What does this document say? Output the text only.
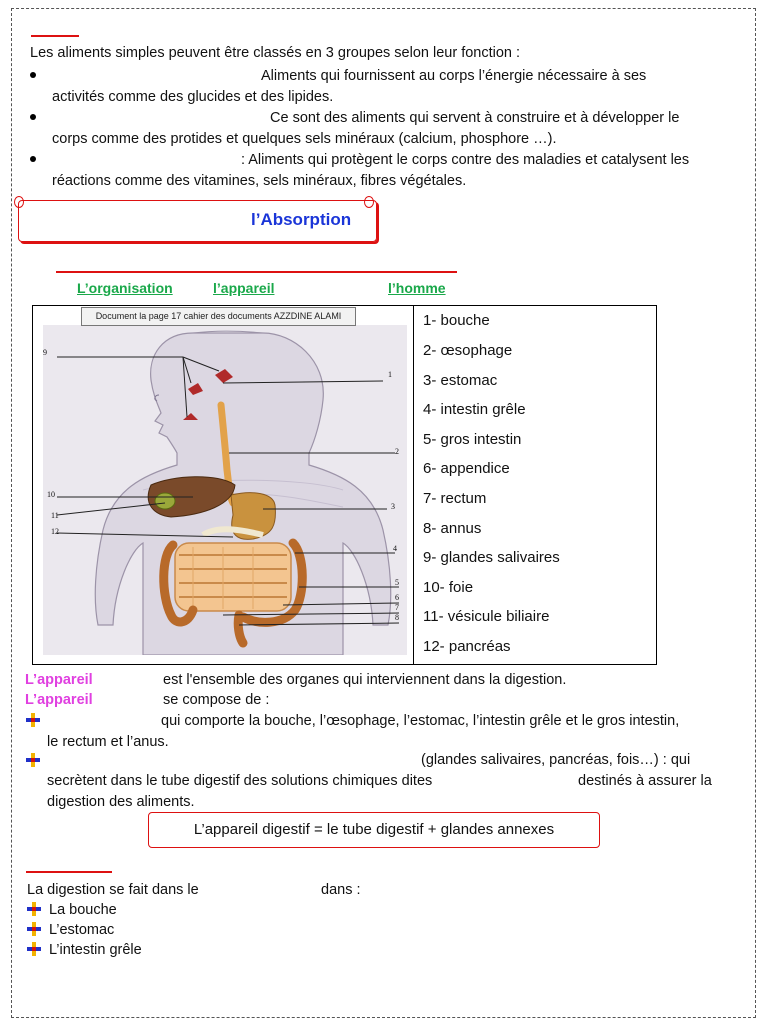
Les aliments simples peuvent être classés en 3 groupes selon leur fonction :
Aliments qui fournissent au corps l’énergie nécessaire à ses
activités comme des glucides et des lipides.
Ce sont des aliments qui servent à construire et à développer le
corps comme des protides et quelques sels minéraux (calcium, phosphore …).
: Aliments qui protègent le corps contre des maladies et catalysent les
réactions comme des vitamines, sels minéraux, fibres végétales.
l’Absorption
L’organisation	l’appareil	l’homme
9
1
2
10
3
11
12
4
5
6
7
8
Document la page 17 cahier des documents AZZDINE ALAMI	1- bouche
2- œsophage
3- estomac
4- intestin grêle
5- gros intestin
6- appendice
7- rectum
8- annus
9- glandes salivaires
10- foie
11- vésicule biliaire
12- pancréas
L’appareil	est l'ensemble des organes qui interviennent dans la digestion.
L’appareil	se compose de :
qui comporte la bouche, l’œsophage, l’estomac, l’intestin grêle et le gros intestin,
le rectum et l’anus.
(glandes salivaires, pancréas, fois…) : qui
secrètent dans le tube digestif des solutions chimiques dites	destinés à assurer la
digestion des aliments.
L’appareil digestif = le tube digestif + glandes annexes
La digestion se fait dans le	dans :
La bouche
L’estomac
L’intestin grêle
